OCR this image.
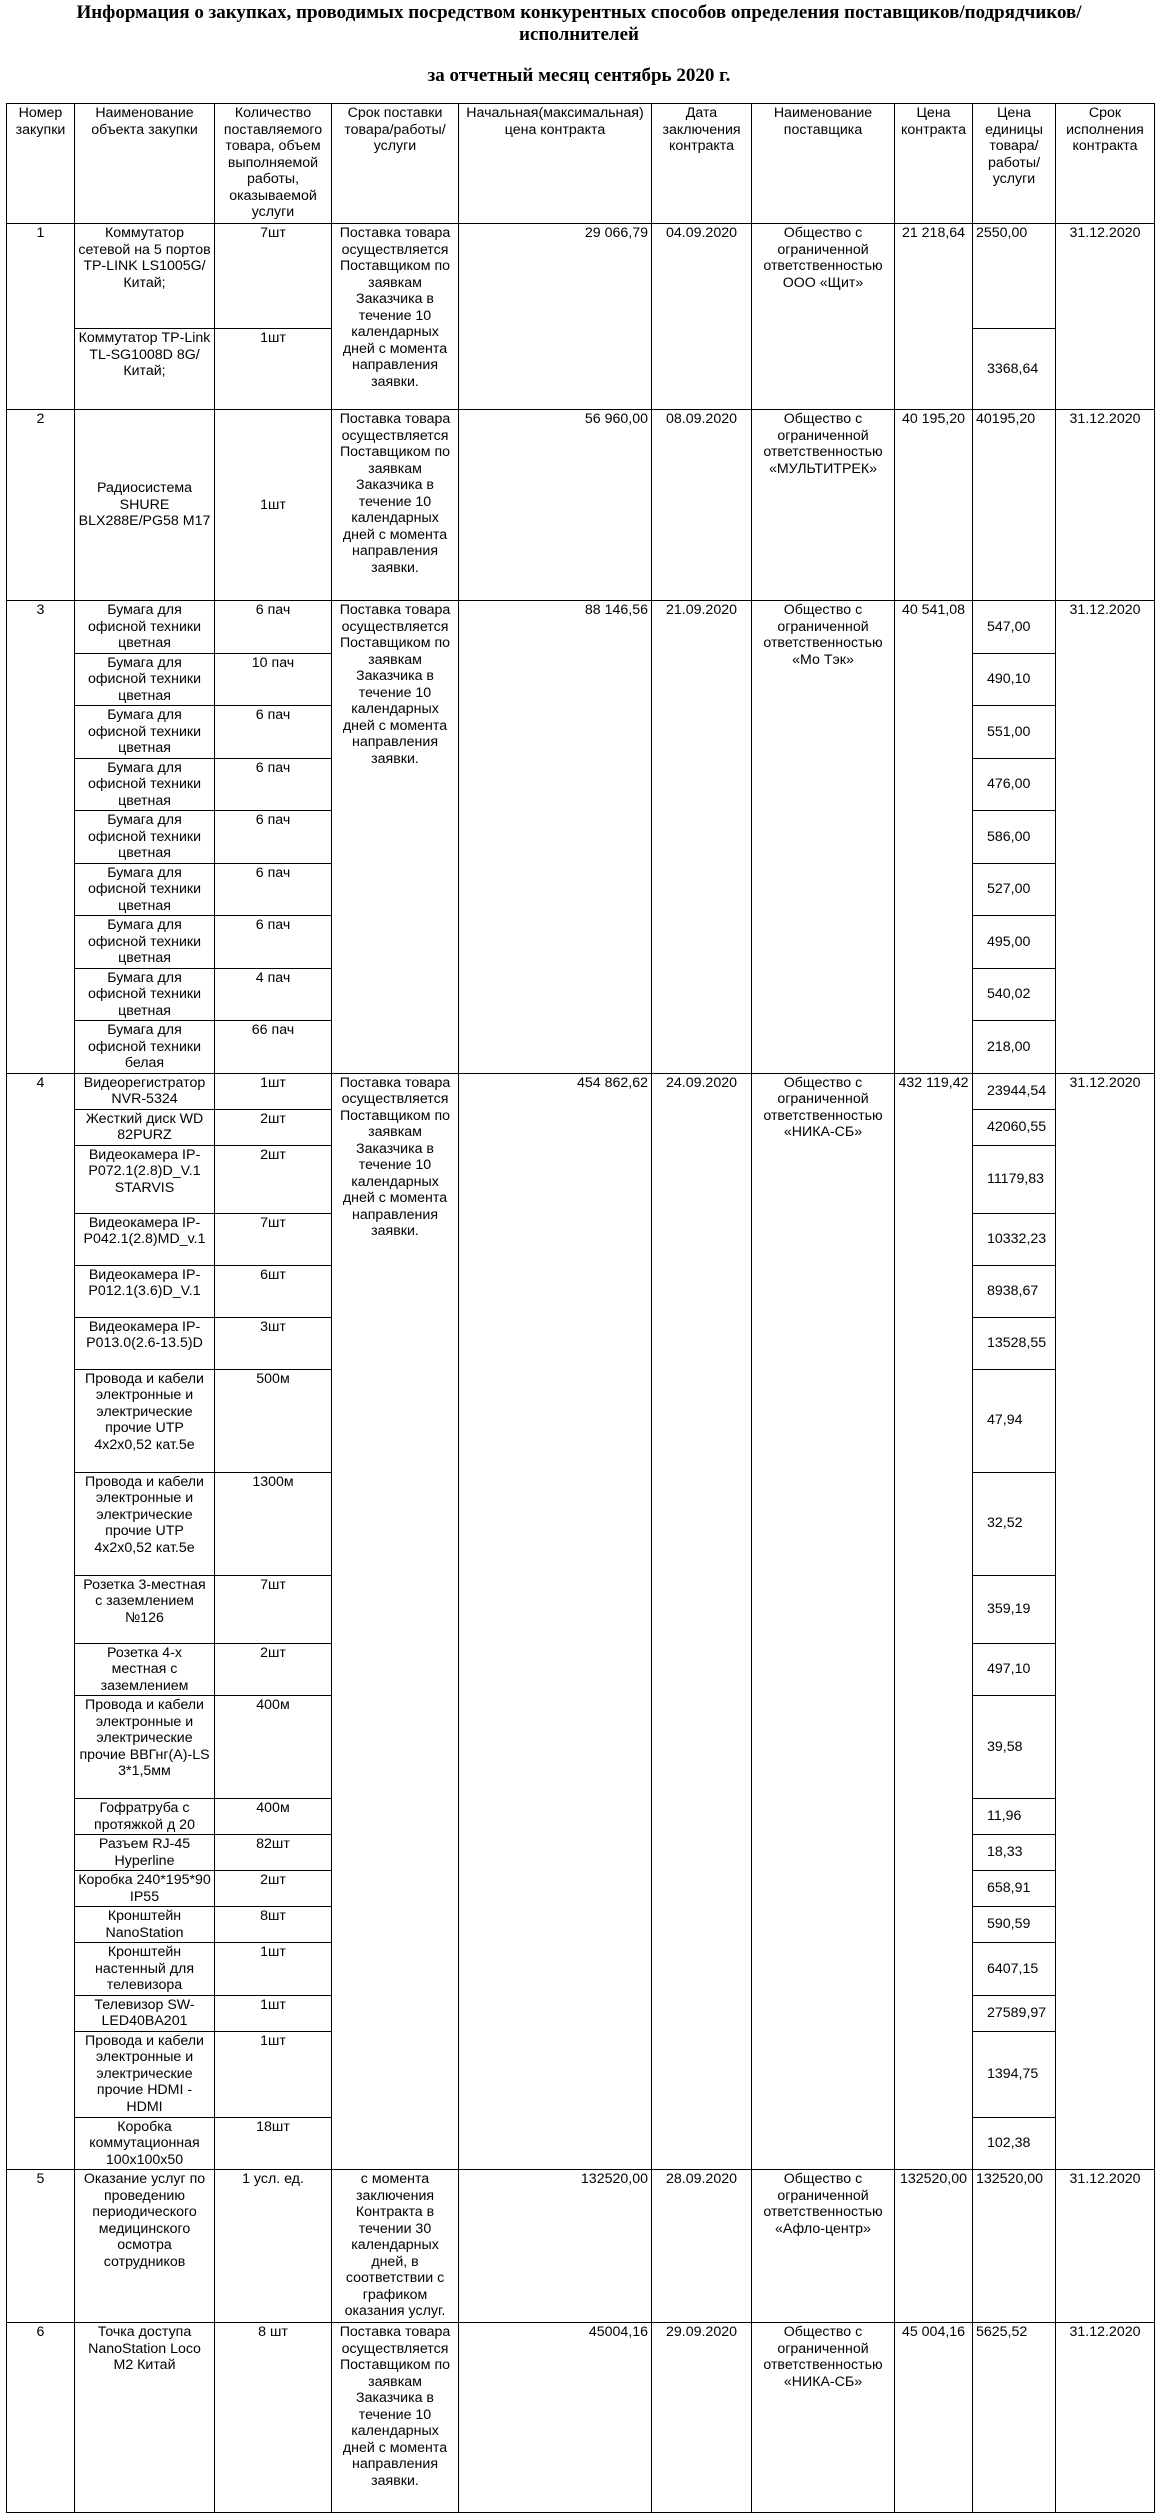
Информация о закупках, проводимых посредством конкурентных способов определения поставщиков/подрядчиков/
исполнителей
за отчетный месяц сентябрь 2020 г.
Номер закупки	Наименование объекта закупки	Количество поставляемого товара, объем выполняемой работы, оказываемой услуги	Срок поставки товара/работы/ услуги	Начальная(максимальная) цена контракта	Дата заключения контракта	Наименование поставщика	Цена контракта	Цена единицы товара/ работы/ услуги	Срок исполнения контракта
1	Коммутатор сетевой на 5 портов TP-LINK LS1005G/ Китай;	7шт	Поставка товара осуществляется Поставщиком по заявкам Заказчика в течение 10 календарных дней с момента направления заявки.	29 066,79	04.09.2020	Общество с ограниченной ответственностью ООО «Щит»	21 218,64	2550,00	31.12.2020
	Коммутатор TP-Link TL-SG1008D 8G/ Китай;	1шт						3368,64	
2	Радиосистема SHURE BLX288E/PG58 M17	1шт	Поставка товара осуществляется Поставщиком по заявкам Заказчика в течение 10 календарных дней с момента направления заявки.	56 960,00	08.09.2020	Общество с ограниченной ответственностью «МУЛЬТИТРЕК»	40 195,20	40195,20	31.12.2020
3	Бумага для офисной техники цветная	6 пач	Поставка товара осуществляется Поставщиком по заявкам Заказчика в течение 10 календарных дней с момента направления заявки.	88 146,56	21.09.2020	Общество с ограниченной ответственностью «Мо Тэк»	40 541,08	547,00	31.12.2020
	Бумага для офисной техники цветная	10 пач						490,10	
	Бумага для офисной техники цветная	6 пач						551,00	
	Бумага для офисной техники цветная	6 пач						476,00	
	Бумага для офисной техники цветная	6 пач						586,00	
	Бумага для офисной техники цветная	6 пач						527,00	
	Бумага для офисной техники цветная	6 пач						495,00	
	Бумага для офисной техники цветная	4 пач						540,02	
	Бумага для офисной техники белая	66 пач						218,00	
4	Видеорегистратор NVR-5324	1шт	Поставка товара осуществляется Поставщиком по заявкам Заказчика в течение 10 календарных дней с момента направления заявки.	454 862,62	24.09.2020	Общество с ограниченной ответственностью «НИКА-СБ»	432 119,42	23944,54	31.12.2020
	Жесткий диск WD 82PURZ	2шт						42060,55	
	Видеокамера IP-P072.1(2.8)D_V.1 STARVIS	2шт						11179,83	
	Видеокамера IP-P042.1(2.8)MD_v.1	7шт						10332,23	
	Видеокамера IP-P012.1(3.6)D_V.1	6шт						8938,67	
	Видеокамера IP-P013.0(2.6-13.5)D	3шт						13528,55	
	Провода и кабели электронные и электрические прочие UTP 4x2x0,52 кат.5е	500м						47,94	
	Провода и кабели электронные и электрические прочие UTP 4x2x0,52 кат.5е	1300м						32,52	
	Розетка 3-местная с заземлением №126	7шт						359,19	
	Розетка 4-х местная с заземлением	2шт						497,10	
	Провода и кабели электронные и электрические прочие ВВГнг(А)-LS 3*1,5мм	400м						39,58	
	Гофратруба с протяжкой д 20	400м						11,96	
	Разъем RJ-45 Hyperline	82шт						18,33	
	Коробка 240*195*90 IP55	2шт						658,91	
	Кронштейн NanoStation	8шт						590,59	
	Кронштейн настенный для телевизора	1шт						6407,15	
	Телевизор SW-LED40BA201	1шт						27589,97	
	Провода и кабели электронные и электрические прочие HDMI - HDMI	1шт						1394,75	
	Коробка коммутационная 100х100х50	18шт						102,38	
5	Оказание услуг по проведению периодического медицинского осмотра сотрудников	1 усл. ед.	с момента заключения Контракта в течении 30 календарных дней, в соответствии с графиком оказания услуг.	132520,00	28.09.2020	Общество с ограниченной ответственностью «Афло-центр»	132520,00	132520,00	31.12.2020
6	Точка доступа NanoStation Loco M2 Китай	8 шт	Поставка товара осуществляется Поставщиком по заявкам Заказчика в течение 10 календарных дней с момента направления заявки.	45004,16	29.09.2020	Общество с ограниченной ответственностью «НИКА-СБ»	45 004,16	5625,52	31.12.2020
